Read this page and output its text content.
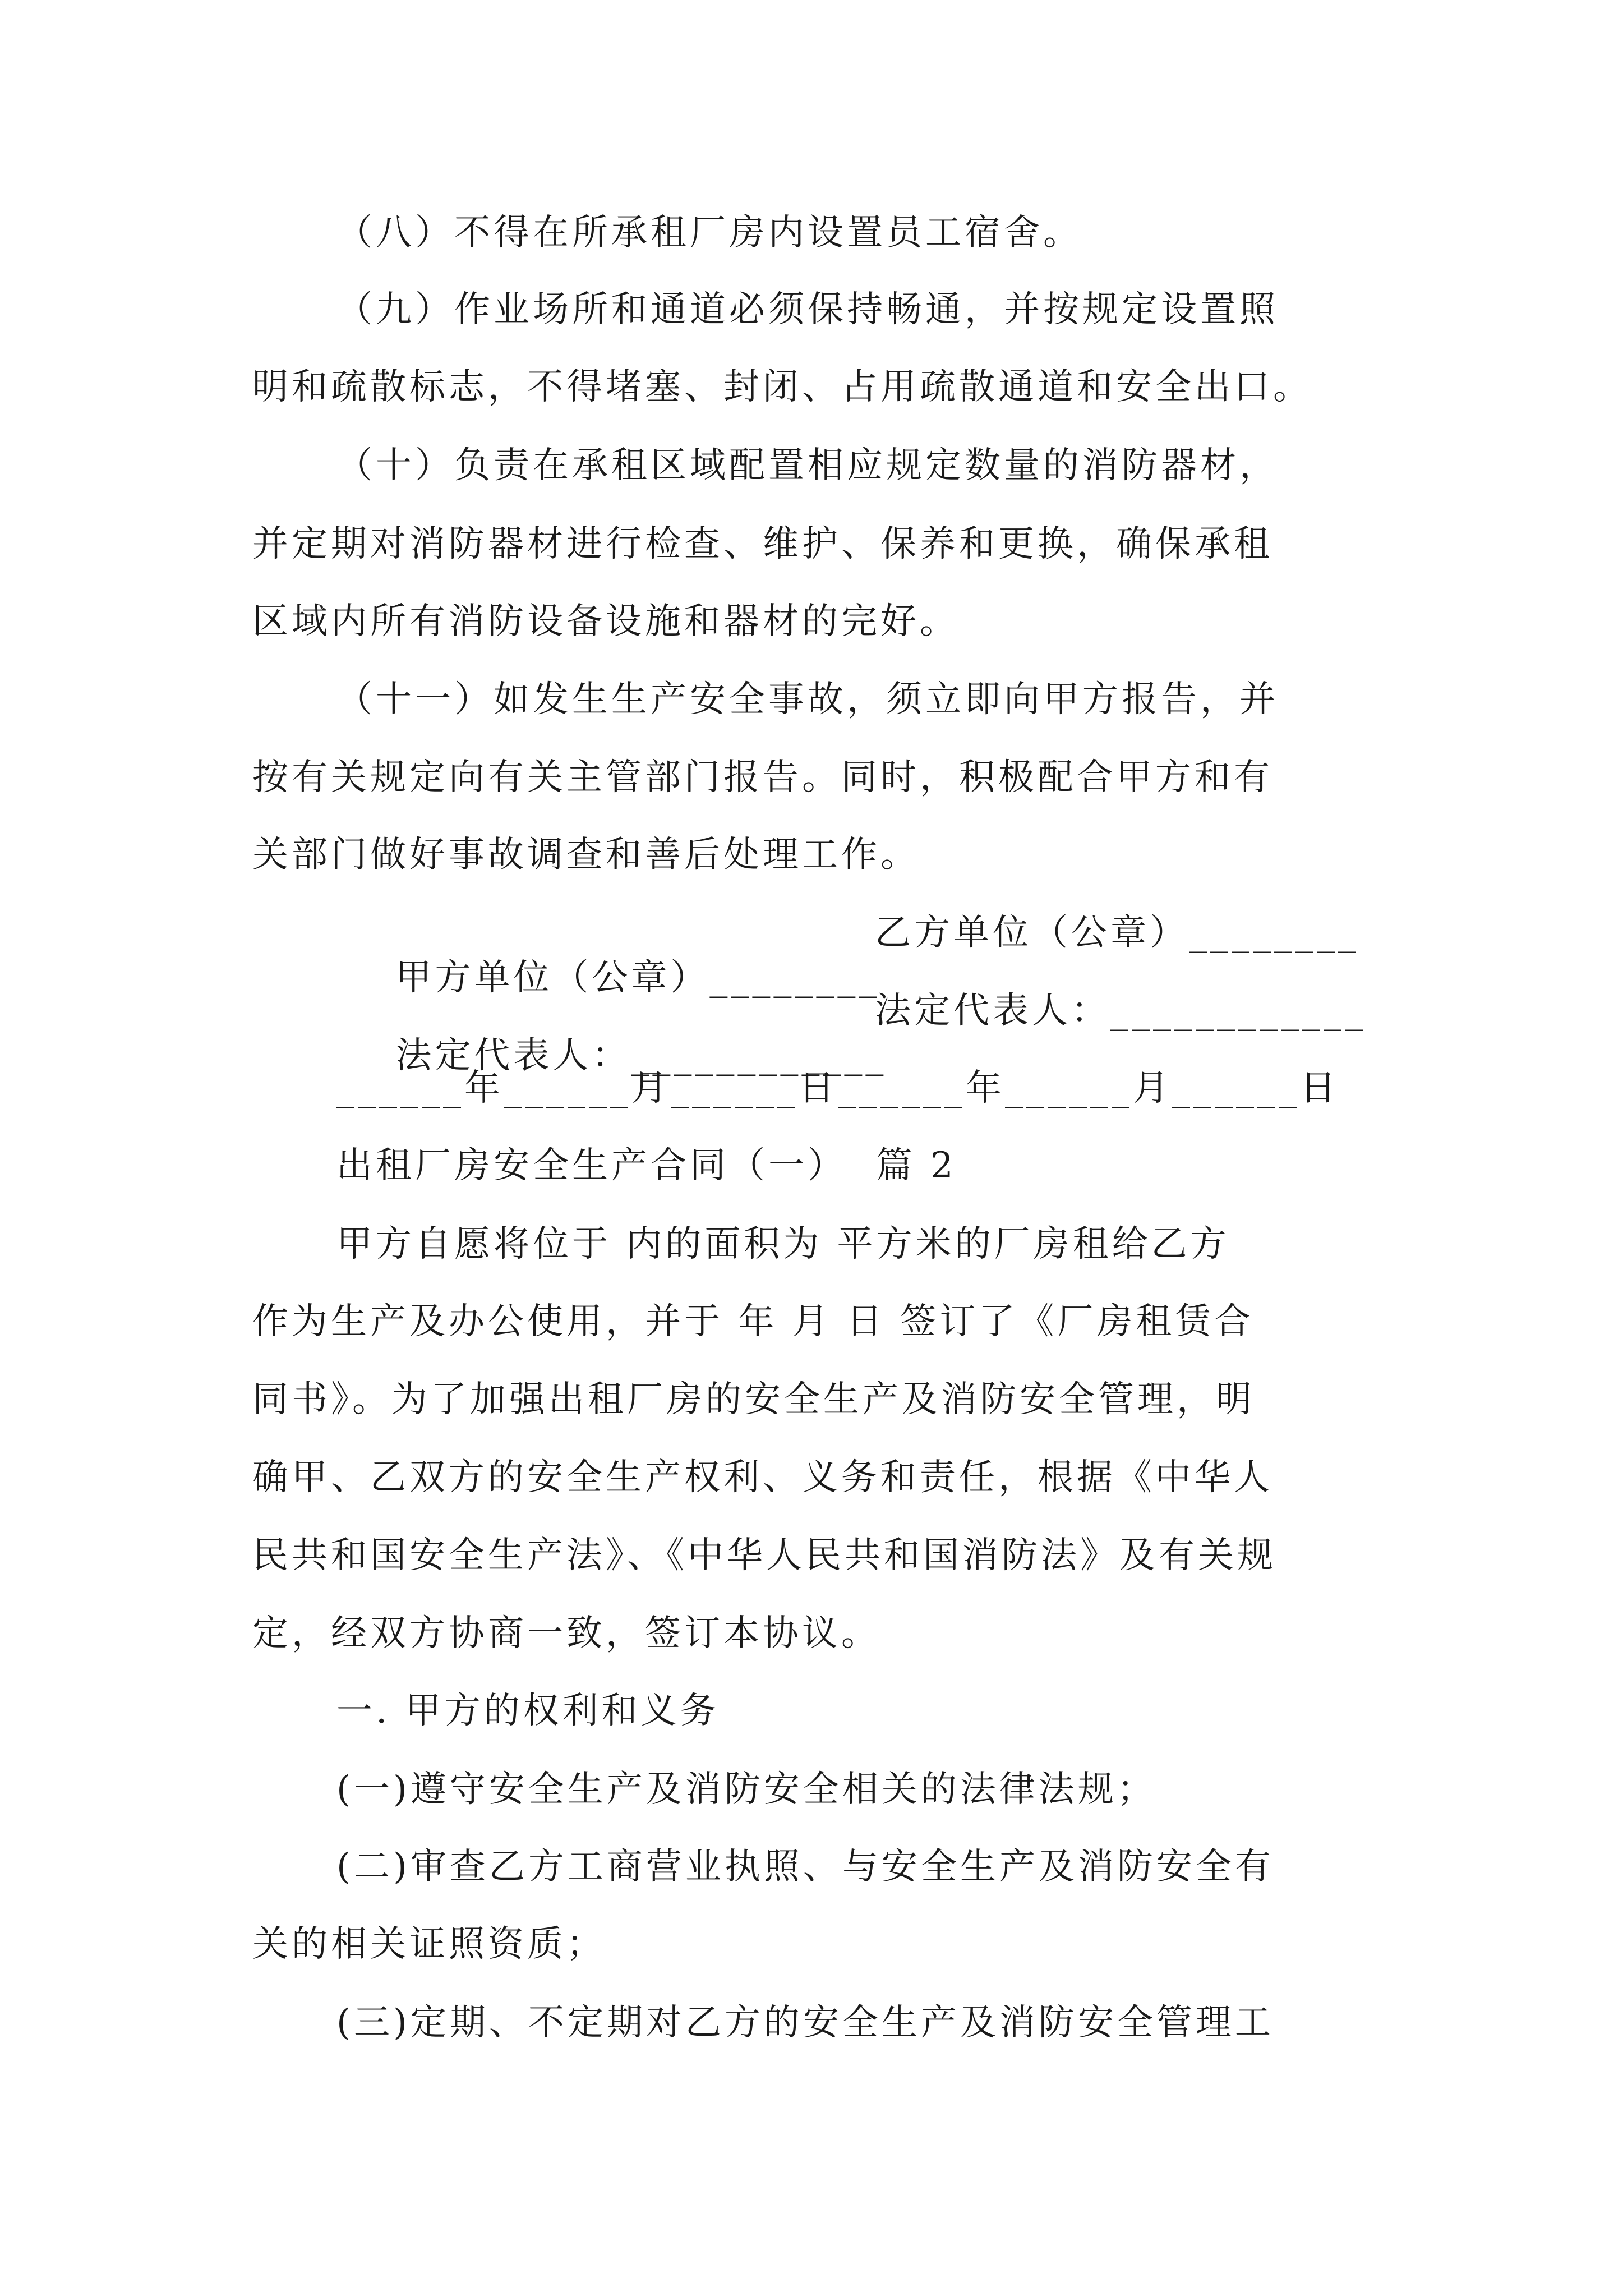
（八）不得在所承租厂房内设置员工宿舍。
（九）作业场所和通道必须保持畅通，并按规定设置照
明和疏散标志，不得堵塞、封闭、占用疏散通道和安全出口。
（十）负责在承租区域配置相应规定数量的消防器材，
并定期对消防器材进行检查、维护、保养和更换，确保承租
区域内所有消防设备设施和器材的完好。
（十一）如发生生产安全事故，须立即向甲方报告，并
按有关规定向有关主管部门报告。同时，积极配合甲方和有
关部门做好事故调查和善后处理工作。

甲方单位（公章）________

乙方单位（公章）________

法定代表人：____________

法定代表人：____________

______年______月______日______年______月______日
出租厂房安全生产合同（一）  篇 2
甲方自愿将位于 内的面积为 平方米的厂房租给乙方
作为生产及办公使用，并于 年 月 日 签订了《厂房租赁合
同书》。为了加强出租厂房的安全生产及消防安全管理，明
确甲、乙双方的安全生产权利、义务和责任，根据《中华人
民共和国安全生产法》、《中华人民共和国消防法》及有关规
定，经双方协商一致，签订本协议。
一. 甲方的权利和义务
(一)遵守安全生产及消防安全相关的法律法规；
(二)审查乙方工商营业执照、与安全生产及消防安全有
关的相关证照资质；
(三)定期、不定期对乙方的安全生产及消防安全管理工
